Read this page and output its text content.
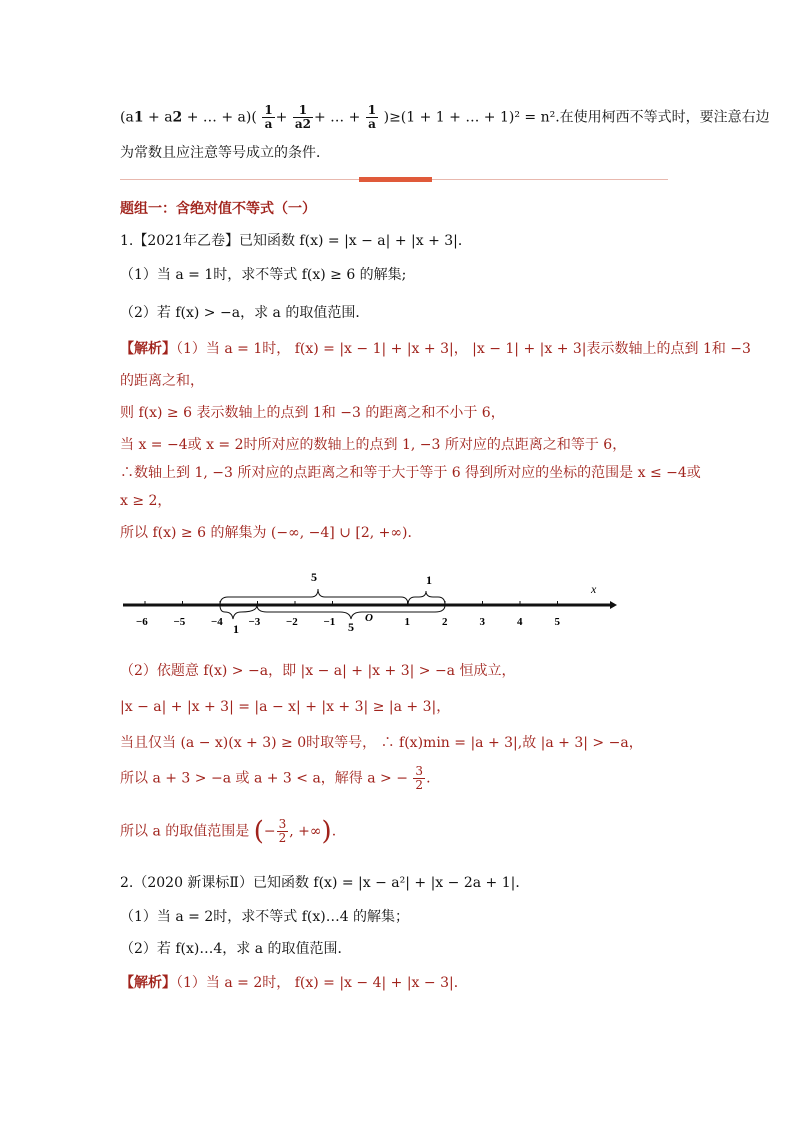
(a1 + a2 + … + $a)( \frac{1}{a} + \frac{1}{a2}$ + … + $\frac{1}{a} )\ge(1 + 1$ + … + 1)² = n².在使用柯西不等式时，要注意右边
为常数且应注意等号成立的条件．
题组一：含绝对值不等式（一）
1.【2021年乙卷】已知函数 f(x) = |x − a| + |x + 3|．
（1）当 a = 1时，求不等式 f(x) ≥ 6 的解集;
（2）若 f(x) > −a，求 a 的取值范围．
【解析】（1）当 a = 1时， f(x) = |x − 1| + |x + 3|， |x − 1| + |x + 3|表示数轴上的点到 1和 −3
的距离之和，
则 f(x) ≥ 6 表示数轴上的点到 1和 −3 的距离之和不小于 6，
当 x = −4或 x = 2时所对应的数轴上的点到 1, −3 所对应的点距离之和等于 6，
∴数轴上到 1, −3 所对应的点距离之和等于大于等于 6 得到所对应的坐标的范围是 x ≤ −4或
x ≥ 2，
所以 f(x) ≥ 6 的解集为 (−∞, −4] ∪ [2, +∞)．
x
O
−6 −5 −4 −3 −2 −1	1	2	3	4	5
5	1
1	5
（2）依题意 f(x) > −a，即 |x − a| + |x + 3| > −a 恒成立，
|x − a| + |x + 3| = |a − x| + |x + 3| ≥ |a + 3|，
当且仅当 (a − x)(x + 3) ≥ 0时取等号， ∴ f(x)min = |a + 3|,故 |a + 3| > −a，
所以 a + 3 > −a 或 a + 3 < a，解得 a > − $\frac{3}{2}$ .
所以 a 的取值范围是 (− $\frac{3}{2}$ , +∞).
2.（2020 新课标Ⅱ）已知函数 f(x) = |x − a²| + |x − 2a + 1|．
（1）当 a = 2时，求不等式 f(x)…4 的解集；
（2）若 f(x)…4，求 a 的取值范围．
【解析】（1）当 a = 2时， f(x) = |x − 4| + |x − 3|．
